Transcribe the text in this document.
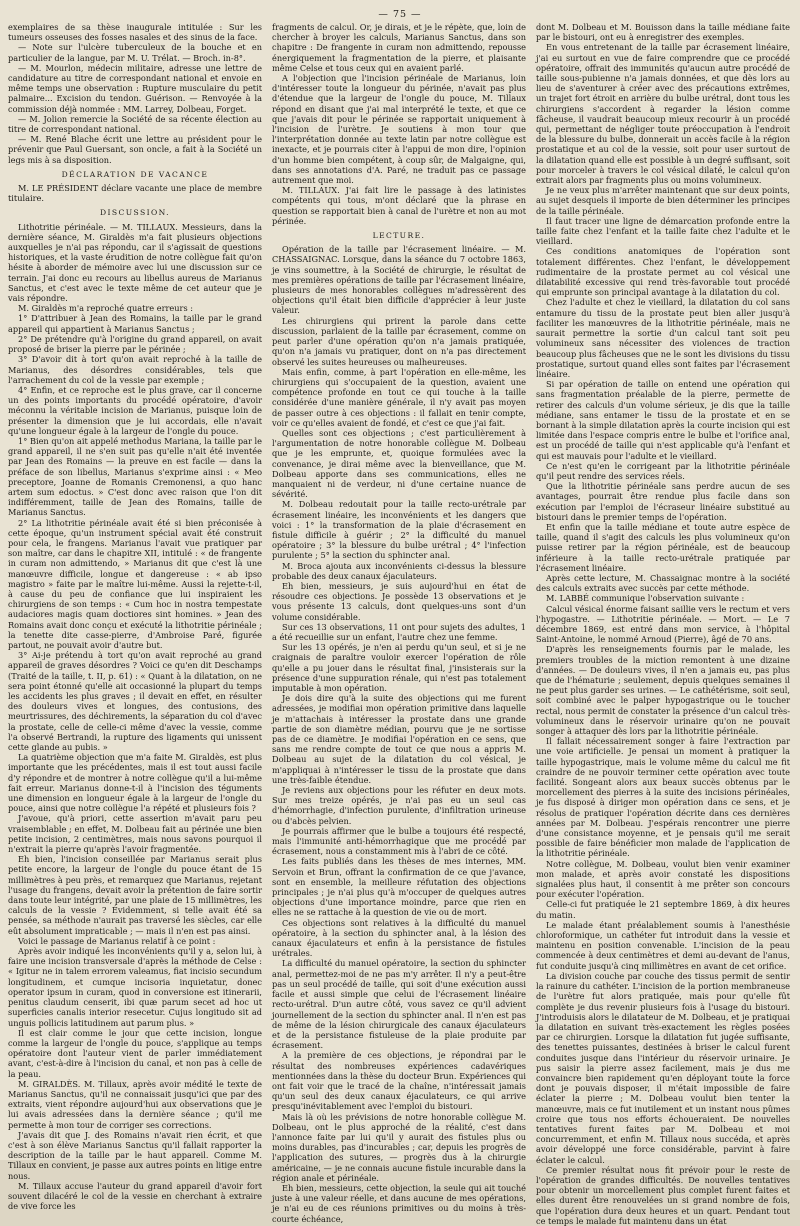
— 75 —

exemplaires de sa thèse inaugurale intitulée : Sur les tumeurs osseuses des fosses nasales et des sinus de la face.

— Note sur l'ulcère tuberculeux de la bouche et en particulier de la langue, par M. U. Trélat. — Broch. in-8°.

— M. Mourlon, médecin militaire, adresse une lettre de candidature au titre de correspondant national et envoie en même temps une observation : Rupture musculaire du petit palmaire... Excision du tendon. Guérison. — Renvoyée à la commission déjà nommée : MM. Larrey, Dolbeau, Forget.

— M. Jolion remercie la Société de sa récente élection au titre de correspondant national.

— M. René Blache écrit une lettre au président pour le prévenir que Paul Guersant, son oncle, a fait à la Société un legs mis à sa disposition.

DÉCLARATION DE VACANCE

M. LE PRÉSIDENT déclare vacante une place de membre titulaire.

DISCUSSION.

Lithotritie périnéale. — M. TILLAUX. Messieurs, dans la dernière séance, M. Giraldès m'a fait plusieurs objections auxquelles je n'ai pas répondu, car il s'agissait de questions historiques, et la vaste érudition de notre collègue fait qu'on hésite à aborder de mémoire avec lui une discussion sur ce terrain. J'ai donc eu recours au libellus aureus de Marianus Sanctus, et c'est avec le texte même de cet auteur que je vais répondre.

M. Giraldès m'a reproché quatre erreurs :

1° D'attribuer à Jean des Romains, la taille par le grand appareil qui appartient à Marianus Sanctus ;

2° De prétendre qu'à l'origine du grand appareil, on avait proposé de briser la pierre par le périnée ;

3° D'avoir dit à tort qu'on avait reproché à la taille de Marianus, des désordres considérables, tels que l'arrachement du col de la vessie par exemple ;

4° Enfin, et ce reproche est le plus grave, car il concerne un des points importants du procédé opératoire, d'avoir méconnu la véritable incision de Marianus, puisque loin de présenter la dimension que je lui accordais, elle n'avait qu'une longueur égale à la largeur de l'ongle du pouce.

1° Bien qu'on ait appelé methodus Mariana, la taille par le grand appareil, il ne s'en suit pas qu'elle n'ait été inventée par Jean des Romains — la preuve en est facile — dans la préface de son libellus, Marianus s'exprime ainsi : « Meo preceptore, Joanne de Romanis Cremonensi, a quo hanc artem sum edoctus. » C'est donc avec raison que l'on dit indifféremment, taille de Jean des Romains, taille de Marianus Sanctus.

2° La lithotritie périnéale avait été si bien préconisée à cette époque, qu'un instrument spécial avait été construit pour cela, le frangens. Marianus l'avait vue pratiquer par son maître, car dans le chapitre XII, intitulé : « de frangente in curam non admittendo, » Marianus dit que c'est là une manœuvre difficile, longue et dangereuse : « ab ipso magistro » faite par le maître lui-même. Aussi la rejette-t-il, à cause du peu de confiance que lui inspiraient les chirurgiens de son temps : « Cum hoc in nostra tempestate audaciores magis quam doctiores sint homines. » Jean des Romains avait donc conçu et exécuté la lithotritie périnéale ; la tenette dite casse-pierre, d'Ambroise Paré, figurée partout, ne pouvait avoir d'autre but.

3° Ai-je prétendu à tort qu'on avait reproché au grand appareil de graves désordres ? Voici ce qu'en dit Deschamps (Traité de la taille, t. II, p. 61) : « Quant à la dilatation, on ne sera point étonné qu'elle ait occasionné la plupart du temps les accidents les plus graves ; il devait en effet, en résulter des douleurs vives et longues, des contusions, des meurtrissures, des déchirements, la séparation du col d'avec la prostate, celle de celle-ci même d'avec la vessie, comme l'a observé Bertrandi, la rupture des ligaments qui unissent cette glande au pubis. »

La quatrième objection que m'a faite M. Giraldès, est plus importante que les précédentes, mais il est tout aussi facile d'y répondre et de montrer à notre collègue qu'il a lui-même fait erreur. Marianus donne-t-il à l'incision des téguments une dimension en longueur égale à la largeur de l'ongle du pouce, ainsi que notre collègue l'a répété et plusieurs fois ?

J'avoue, qu'à priori, cette assertion m'avait paru peu vraisemblable ; en effet, M. Dolbeau fait au périnée une bien petite incision, 2 centimètres, mais nous savons pourquoi il n'extrait la pierre qu'après l'avoir fragmentée.

Eh bien, l'incision conseillée par Marianus serait plus petite encore, la largeur de l'ongle du pouce étant de 15 millimètres à peu près, et remarquez que Marianus, rejetant l'usage du frangens, devait avoir la prétention de faire sortir dans toute leur intégrité, par une plaie de 15 millimètres, les calculs de la vessie ? Évidemment, si telle avait été sa pensée, sa méthode n'aurait pas traversé les siècles, car elle eût absolument impraticable ; — mais il n'en est pas ainsi.

Voici le passage de Marianus relatif à ce point :

Après avoir indiqué les inconvénients qu'il y a, selon lui, à faire une incision transversale d'après la méthode de Celse : « Igitur ne in talem errorem valeamus, fiat incisio secundum longitudinem, et cumque incisoria inquietatur, donec operator ipsum in curam, quod in conversione est itinerarii, penitus claudum censerit, ibi quæ parum secet ad hoc ut superficies canalis interior resecetur. Cujus longitudo sit ad unguis pollicis latitudinem aut parum plus. »

Il est clair comme le jour que cette incision, longue comme la largeur de l'ongle du pouce, s'applique au temps opératoire dont l'auteur vient de parler immédiatement avant, c'est-à-dire à l'incision du canal, et non pas à celle de la peau.

M. GIRALDÈS. M. Tillaux, après avoir médité le texte de Marianus Sanctus, qu'il ne connaissait jusqu'ici que par des extraits, vient répondre aujourd'hui aux observations que je lui avais adressées dans la dernière séance ; qu'il me permette à mon tour de corriger ses corrections.

J'avais dit que J. des Romains n'avait rien écrit, et que c'est à son élève Marianus Sanctus qu'il fallait rapporter la description de la taille par le haut appareil. Comme M. Tillaux en convient, je passe aux autres points en litige entre nous.

M. Tillaux accuse l'auteur du grand appareil d'avoir fort souvent dilacéré le col de la vessie en cherchant à extraire de vive force les

fragments de calcul. Or, je dirais, et je le répète, que, loin de chercher à broyer les calculs, Marianus Sanctus, dans son chapitre : De frangente in curam non admittendo, repousse énergiquement la fragmentation de la pierre, et plaisante même Celse et tous ceux qui en avaient parlé.

A l'objection que l'incision périnéale de Marianus, loin d'intéresser toute la longueur du périnée, n'avait pas plus d'étendue que la largeur de l'ongle du pouce, M. Tillaux répond en disant que j'ai mal interprété le texte, et que ce que j'avais dit pour le périnée se rapportait uniquement à l'incision de l'urètre. Je soutiens à mon tour que l'interprétation donnée au texte latin par notre collègue est inexacte, et je pourrais citer à l'appui de mon dire, l'opinion d'un homme bien compétent, à coup sûr, de Malgaigne, qui, dans ses annotations d'A. Paré, ne traduit pas ce passage autrement que moi.

M. TILLAUX. J'ai fait lire le passage à des latinistes compétents qui tous, m'ont déclaré que la phrase en question se rapportait bien à canal de l'urètre et non au mot périnée.

LECTURE.

Opération de la taille par l'écrasement linéaire. — M. CHASSAIGNAC. Lorsque, dans la séance du 7 octobre 1863, je vins soumettre, à la Société de chirurgie, le résultat de mes premières opérations de taille par l'écrasement linéaire, plusieurs de mes honorables collègues m'adressèrent des objections qu'il était bien difficile d'apprécier à leur juste valeur.

Les chirurgiens qui prirent la parole dans cette discussion, parlaient de la taille par écrasement, comme on peut parler d'une opération qu'on n'a jamais pratiquée, qu'on n'a jamais vu pratiquer, dont on n'a pas directement observé les suites heureuses ou malheureuses.

Mais enfin, comme, à part l'opération en elle-même, les chirurgiens qui s'occupaient de la question, avaient une compétence profonde en tout ce qui touche à la taille considérée d'une manière générale, il n'y avait pas moyen de passer outre à ces objections : il fallait en tenir compte, voir ce qu'elles avaient de fondé, et c'est ce que j'ai fait.

Quelles sont ces objections ; c'est particulièrement à l'argumentation de notre honorable collègue M. Dolbeau que je les emprunte, et, quoique formulées avec la convenance, je dirai même avec la bienveillance, que M. Dolbeau apporte dans ses communications, elles ne manquaient ni de verdeur, ni d'une certaine nuance de sévérité.

M. Dolbeau redoutait pour la taille recto-urétrale par écrasement linéaire, les inconvénients et les dangers que voici : 1° la transformation de la plaie d'écrasement en fistule difficile à guérir ; 2° la difficulté du manuel opératoire ; 3° la blessure du bulbe urétral ; 4° l'infection purulente ; 5° la section du sphincter anal.

M. Broca ajouta aux inconvénients ci-dessus la blessure probable des deux canaux éjaculateurs.

Eh bien, messieurs, je suis aujourd'hui en état de résoudre ces objections. Je possède 13 observations et je vous présente 13 calculs, dont quelques-uns sont d'un volume considérable.

Sur ces 13 observations, 11 ont pour sujets des adultes, 1 a été recueillie sur un enfant, l'autre chez une femme.

Sur les 13 opérés, je n'en ai perdu qu'un seul, et si je ne craignais de paraître vouloir exercer l'opération de rôle qu'elle a pu jouer dans le résultat final, j'insisterais sur la présence d'une suppuration rénale, qui n'est pas totalement imputable à mon opération.

Je dois dire qu'à la suite des objections qui me furent adressées, je modifiai mon opération primitive dans laquelle je m'attachais à intéresser la prostate dans une grande partie de son diamètre médian, pourvu que je ne sortisse pas de ce diamètre. Je modifiai l'opération en ce sens, que sans me rendre compte de tout ce que nous a appris M. Dolbeau au sujet de la dilatation du col vésical, je m'appliquai à n'intéresser le tissu de la prostate que dans une très-faible étendue.

Je reviens aux objections pour les réfuter en deux mots. Sur mes treize opérés, je n'ai pas eu un seul cas d'hémorrhagie, d'infection purulente, d'infiltration urineuse ou d'abcès pelvien.

Je pourrais affirmer que le bulbe a toujours été respecté, mais l'immunité anti-hémorrhagique que me procédé par écrasement, nous a constamment mis à l'abri de ce côté.

Les faits publiés dans les thèses de mes internes, MM. Servoin et Brun, offrant la confirmation de ce que j'avance, sont en ensemble, la meilleure réfutation des objections principales ; je n'ai plus qu'à m'occuper de quelques autres objections d'une importance moindre, parce que rien en elles ne se rattache à la question de vie ou de mort.

Ces objections sont relatives à la difficulté du manuel opératoire, à la section du sphincter anal, à la lésion des canaux éjaculateurs et enfin à la persistance de fistules urétrales.

La difficulté du manuel opératoire, la section du sphincter anal, permettez-moi de ne pas m'y arrêter. Il n'y a peut-être pas un seul procédé de taille, qui soit d'une exécution aussi facile et aussi simple que celui de l'écrasement linéaire recto-urétral. D'un autre côté, vous savez ce qu'il advient journellement de la section du sphincter anal. Il n'en est pas de même de la lésion chirurgicale des canaux éjaculateurs et de la persistance fistuleuse de la plaie produite par écrasement.

A la première de ces objections, je répondrai par le résultat des nombreuses expériences cadavériques mentionnées dans la thèse du docteur Brun. Expériences qui ont fait voir que le tracé de la chaîne, n'intéressait jamais qu'un seul des deux canaux éjaculateurs, ce qui arrive presqu'inévitablement avec l'emploi du bistouri.

Mais là où les prévisions de notre honorable collègue M. Dolbeau, ont le plus approché de la réalité, c'est dans l'annonce faite par lui qu'il y aurait des fistules plus ou moins durables, pas d'incurables ; car, depuis les progrès de l'application des sutures, — progrès dus à la chirurgie américaine, — je ne connais aucune fistule incurable dans la région anale et périnéale.

Eh bien, messieurs, cette objection, la seule qui ait touché juste à une valeur réelle, et dans aucune de mes opérations, je n'ai eu de ces réunions primitives ou du moins à très-courte échéance,

dont M. Dolbeau et M. Bouisson dans la taille médiane faite par le bistouri, ont eu à enregistrer des exemples.

En vous entretenant de la taille par écrasement linéaire, j'ai eu surtout en vue de faire comprendre que ce procédé opératoire, offrait des immunités qu'aucun autre procédé de taille sous-pubienne n'a jamais données, et que dès lors au lieu de s'aventurer à créer avec des précautions extrêmes, un trajet fort étroit en arrière du bulbe urétral, dont tous les chirurgiens s'accordent à regarder la lésion comme fâcheuse, il vaudrait beaucoup mieux recourir à un procédé qui, permettant de négliger toute préoccupation à l'endroit de la blessure du bulbe, donnerait un accès facile à la région prostatique et au col de la vessie, soit pour user surtout de la dilatation quand elle est possible à un degré suffisant, soit pour morceler à travers le col vésical dilaté, le calcul qu'on extrait alors par fragments plus ou moins volumineux.

Je ne veux plus m'arrêter maintenant que sur deux points, au sujet desquels il importe de bien déterminer les principes de la taille périnéale.

Il faut tracer une ligne de démarcation profonde entre la taille faite chez l'enfant et la taille faite chez l'adulte et le vieillard.

Ces conditions anatomiques de l'opération sont totalement différentes. Chez l'enfant, le développement rudimentaire de la prostate permet au col vésical une dilatabilité excessive qui rend très-favorable tout procédé qui emprunte son principal avantage à la dilatation du col.

Chez l'adulte et chez le vieillard, la dilatation du col sans entamure du tissu de la prostate peut bien aller jusqu'à faciliter les manœuvres de la lithotritie périnéale, mais ne saurait permettre la sortie d'un calcul tant soit peu volumineux sans nécessiter des violences de traction beaucoup plus fâcheuses que ne le sont les divisions du tissu prostatique, surtout quand elles sont faites par l'écrasement linéaire.

Si par opération de taille on entend une opération qui sans fragmentation préalable de la pierre, permette de retirer des calculs d'un volume sérieux, je dis que la taille médiane, sans entamer le tissu de la prostate et en se bornant à la simple dilatation après la courte incision qui est limitée dans l'espace compris entre le bulbe et l'orifice anal, est un procédé de taille qui n'est applicable qu'à l'enfant et qui est mauvais pour l'adulte et le vieillard.

Ce n'est qu'en le corrigeant par la lithotritie périnéale qu'il peut rendre des services réels.

Que la lithotritie périnéale sans perdre aucun de ses avantages, pourrait être rendue plus facile dans son exécution par l'emploi de l'écraseur linéaire substitué au bistouri dans le premier temps de l'opération.

Et enfin que la taille médiane et toute autre espèce de taille, quand il s'agit des calculs les plus volumineux qu'on puisse retirer par la région périnéale, est de beaucoup inférieure à la taille recto-urétrale pratiquée par l'écrasement linéaire.

Après cette lecture, M. Chassaignac montre à la société des calculs extraits avec succès par cette méthode.

M. LABBÉ communique l'observation suivante :

Calcul vésical énorme faisant saillie vers le rectum et vers l'hypogastre. — Lithotritie périnéale. — Mort. — Le 7 décembre 1869, est entré dans mon service, à l'hôpital Saint-Antoine, le nommé Arnoud (Pierre), âgé de 70 ans.

D'après les renseignements fournis par le malade, les premiers troubles de la miction remontent à une dizaine d'années. — De douleurs vives, il n'en a jamais eu, pas plus que de l'hématurie ; seulement, depuis quelques semaines il ne peut plus garder ses urines. — Le cathétérisme, soit seul, soit combiné avec le palper hypogastrique ou le toucher rectal, nous permit de constater la présence d'un calcul très-volumineux dans le réservoir urinaire qu'on ne pouvait songer à attaquer dès lors par la lithotritie périnéale.

Il fallait nécessairement songer à faire l'extraction par une voie artificielle. Je pensai un moment à pratiquer la taille hypogastrique, mais le volume même du calcul me fit craindre de ne pouvoir terminer cette opération avec toute facilité. Songeant alors aux beaux succès obtenus par le morcellement des pierres à la suite des incisions périnéales, je fus disposé à diriger mon opération dans ce sens, et je résolus de pratiquer l'opération décrite dans ces dernières années par M. Dolbeau. J'espérais rencontrer une pierre d'une consistance moyenne, et je pensais qu'il me serait possible de faire bénéficier mon malade de l'application de la lithotritie périnéale.

Notre collègue, M. Dolbeau, voulut bien venir examiner mon malade, et après avoir constaté les dispositions signalées plus haut, il consentit à me prêter son concours pour exécuter l'opération.

Celle-ci fut pratiquée le 21 septembre 1869, à dix heures du matin.

Le malade étant préalablement soumis à l'anesthésie chloroformique, un cathéter fut introduit dans la vessie et maintenu en position convenable. L'incision de la peau commencée à deux centimètres et demi au-devant de l'anus, fut conduite jusqu'à cinq millimètres en avant de cet orifice.

La division couche par couche des tissus permit de sentir la rainure du cathéter. L'incision de la portion membraneuse de l'urètre fut alors pratiquée, mais pour qu'elle fût complète je dus revenir plusieurs fois à l'usage du bistouri. J'introduisis alors le dilatateur de M. Dolbeau, et je pratiquai la dilatation en suivant très-exactement les règles posées par ce chirurgien. Lorsque la dilatation fut jugée suffisante, des tenettes puissantes, destinées à briser le calcul furent conduites jusque dans l'intérieur du réservoir urinaire. Je pus saisir la pierre assez facilement, mais je dus me convaincre bien rapidement qu'en déployant toute la force dont je pouvais disposer, il m'était impossible de faire éclater la pierre ; M. Dolbeau voulut bien tenter la manœuvre, mais ce fut inutilement et un instant nous pûmes croire que tous nos efforts échoueraient. De nouvelles tentatives furent faites par M. Dolbeau et moi concurremment, et enfin M. Tillaux nous succéda, et après avoir développé une force considérable, parvint à faire éclater le calcul.

Ce premier résultat nous fit prévoir pour le reste de l'opération de grandes difficultés. De nouvelles tentatives pour obtenir un morcellement plus complet furent faites et elles durent être renouvelées un si grand nombre de fois, que l'opération dura deux heures et un quart. Pendant tout ce temps le malade fut maintenu dans un état
